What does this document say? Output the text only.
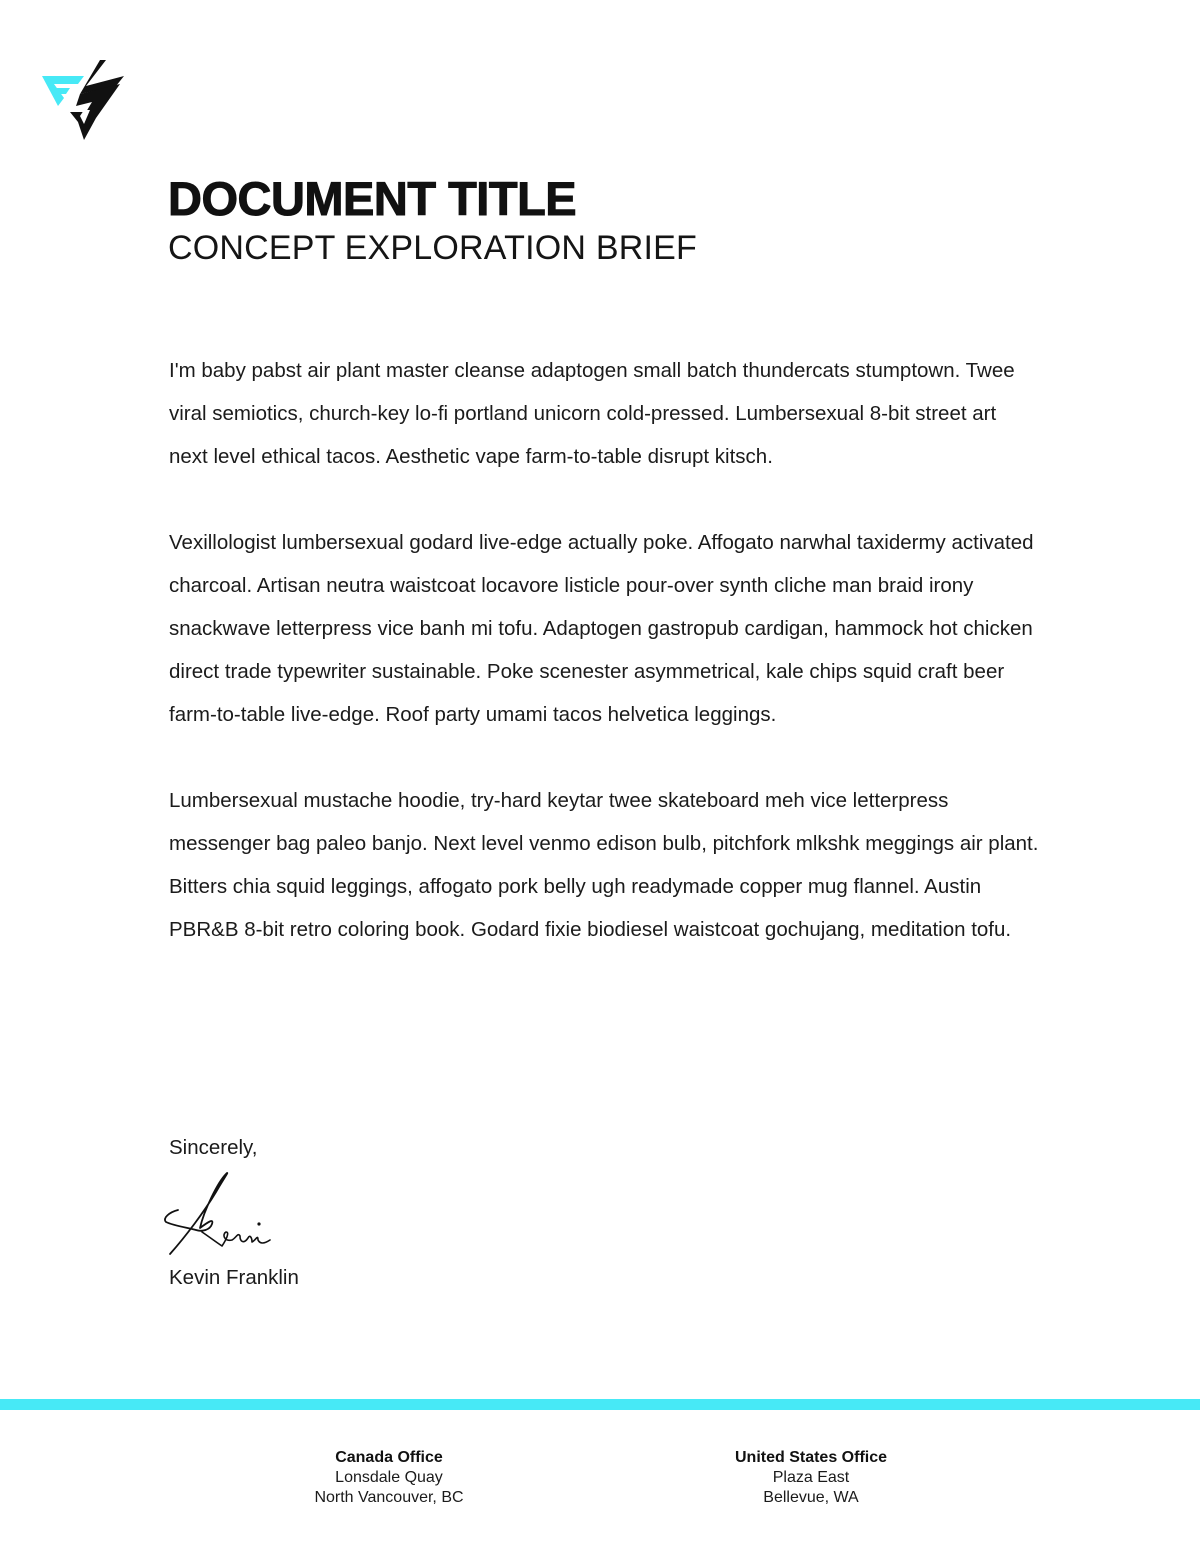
DOCUMENT TITLE
CONCEPT EXPLORATION BRIEF

I'm baby pabst air plant master cleanse adaptogen small batch thundercats stumptown. Twee viral semiotics, church-key lo-fi portland unicorn cold-pressed. Lumbersexual 8-bit street art next level ethical tacos. Aesthetic vape farm-to-table disrupt kitsch.

Vexillologist lumbersexual godard live-edge actually poke. Affogato narwhal taxidermy activated charcoal. Artisan neutra waistcoat locavore listicle pour-over synth cliche man braid irony snackwave letterpress vice banh mi tofu. Adaptogen gastropub cardigan, hammock hot chicken direct trade typewriter sustainable. Poke scenester asymmetrical, kale chips squid craft beer farm-to-table live-edge. Roof party umami tacos helvetica leggings.

Lumbersexual mustache hoodie, try-hard keytar twee skateboard meh vice letterpress messenger bag paleo banjo. Next level venmo edison bulb, pitchfork mlkshk meggings air plant. Bitters chia squid leggings, affogato pork belly ugh readymade copper mug flannel. Austin PBR&B 8-bit retro coloring book. Godard fixie biodiesel waistcoat gochujang, meditation tofu.

Sincerely,
Kevin Franklin
Canada Office
Lonsdale Quay
North Vancouver, BC
United States Office
Plaza East
Bellevue, WA
